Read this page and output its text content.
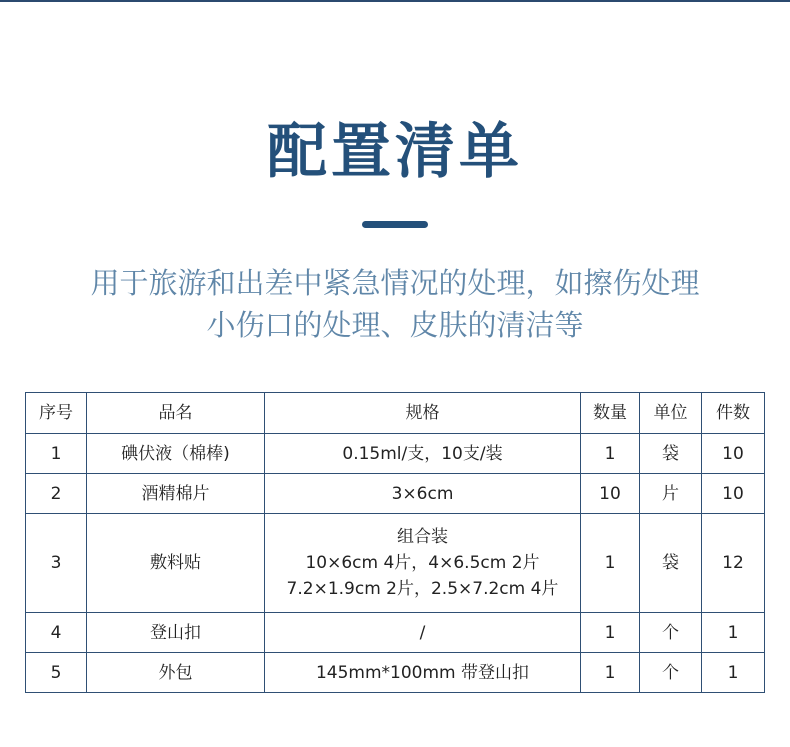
配置清单
用于旅游和出差中紧急情况的处理，如擦伤处理
小伤口的处理、皮肤的清洁等
序号	品名	规格	数量	单位	件数
1	碘伏液（棉棒)	0.15ml/支，10支/装	1	袋	10
2	酒精棉片	3×6cm	10	片	10
3	敷料贴	组合装
10×6cm 4片，4×6.5cm 2片
7.2×1.9cm 2片，2.5×7.2cm 4片	1	袋	12
4	登山扣	/	1	个	1
5	外包	145mm*100mm 带登山扣	1	个	1
